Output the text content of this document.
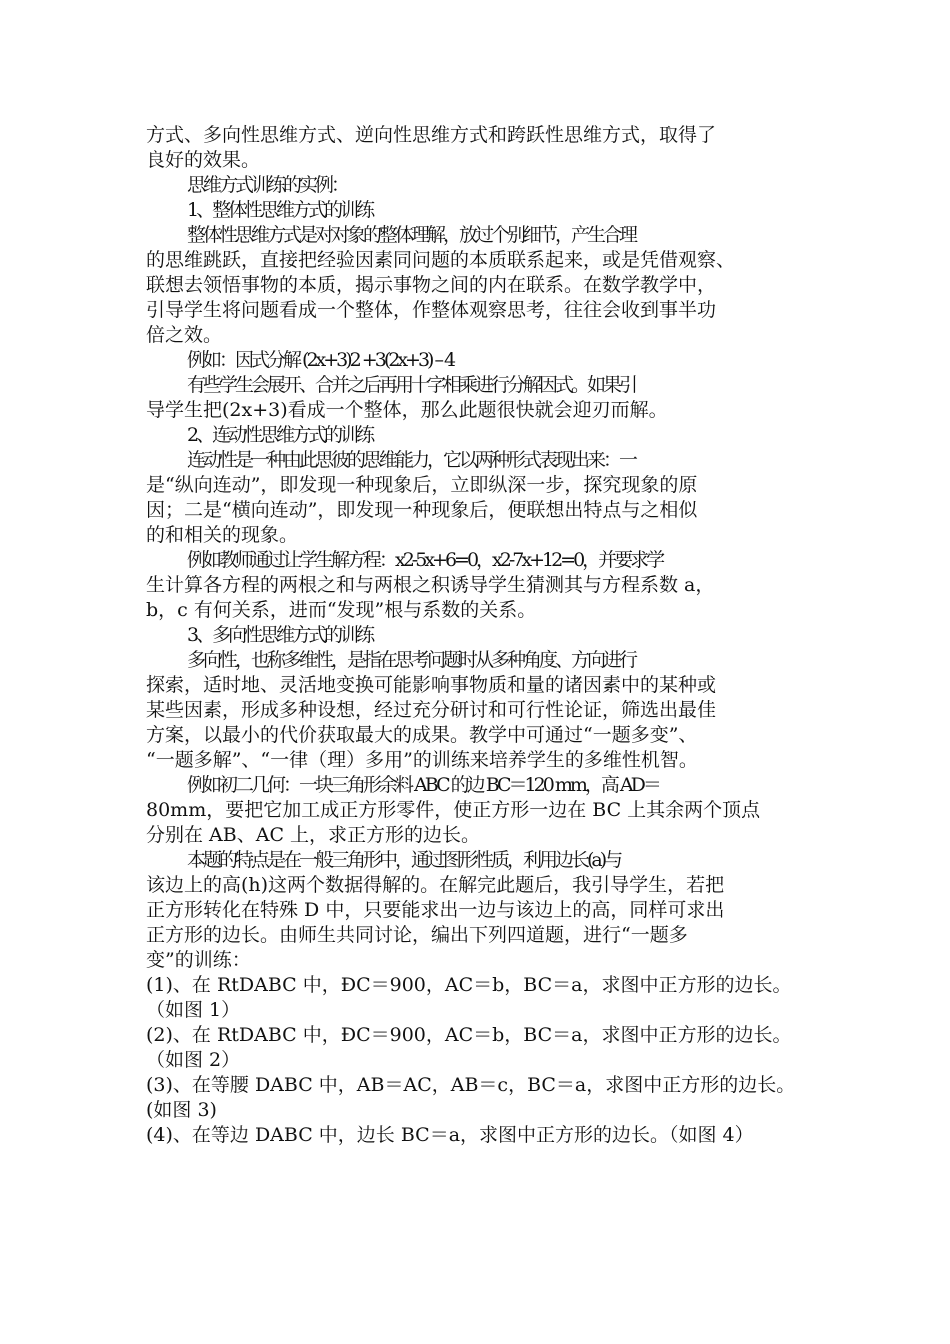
方式、多向性思维方式、逆向性思维方式和跨跃性思维方式，取得了
良好的效果。
思维方式训练的实例：
1、整体性思维方式的训练
整体性思维方式是对对象的整体理解，放过个别细节，产生合理
的思维跳跃，直接把经验因素同问题的本质联系起来，或是凭借观察、
联想去领悟事物的本质，揭示事物之间的内在联系。在数学教学中，
引导学生将问题看成一个整体，作整体观察思考，往往会收到事半功
倍之效。
例如：因式分解 (2x+3)2 +3(2x+3) – 4
有些学生会展开、合并之后再用十字相乘进行分解因式。如果引
导学生把(2x+3)看成一个整体，那么此题很快就会迎刃而解。
2、连动性思维方式的训练
连动性是一种由此思彼的思维能力，它以两种形式表现出来：一
是“纵向连动”，即发现一种现象后，立即纵深一步，探究现象的原
因；二是“横向连动”，即发现一种现象后，便联想出特点与之相似
的和相关的现象。
例如教师通过让学生解方程：x2-5x+6=0，x2-7x+12=0，并要求学
生计算各方程的两根之和与两根之积诱导学生猜测其与方程系数 a，
b，c 有何关系，进而“发现”根与系数的关系。
3、多向性思维方式的训练
多向性，也称多维性，是指在思考问题时从多种角度、方向进行
探索，适时地、灵活地变换可能影响事物质和量的诸因素中的某种或
某些因素，形成多种设想，经过充分研讨和可行性论证，筛选出最佳
方案，以最小的代价获取最大的成果。教学中可通过“一题多变”、
“一题多解”、“一律（理）多用”的训练来培养学生的多维性机智。
例如初二几何：一块三角形余料 ABC 的边 BC＝120 mm，高 AD＝
80mm，要把它加工成正方形零件，使正方形一边在 BC 上其余两个顶点
分别在 AB、AC 上，求正方形的边长。
本题的特点是在一般三角形中，通过图形性质，利用边长(a)与
该边上的高(h)这两个数据得解的。在解完此题后，我引导学生，若把
正方形转化在特殊 D 中，只要能求出一边与该边上的高，同样可求出
正方形的边长。由师生共同讨论，编出下列四道题，进行“一题多
变”的训练：
(1)、在 RtDABC 中，ÐC＝900，AC＝b，BC＝a，求图中正方形的边长。
（如图 1）
(2)、在 RtDABC 中，ÐC＝900，AC＝b，BC＝a，求图中正方形的边长。
（如图 2）
(3)、在等腰 DABC 中，AB＝AC，AB＝c，BC＝a，求图中正方形的边长。
(如图 3)
(4)、在等边 DABC 中，边长 BC＝a，求图中正方形的边长。（如图 4）
